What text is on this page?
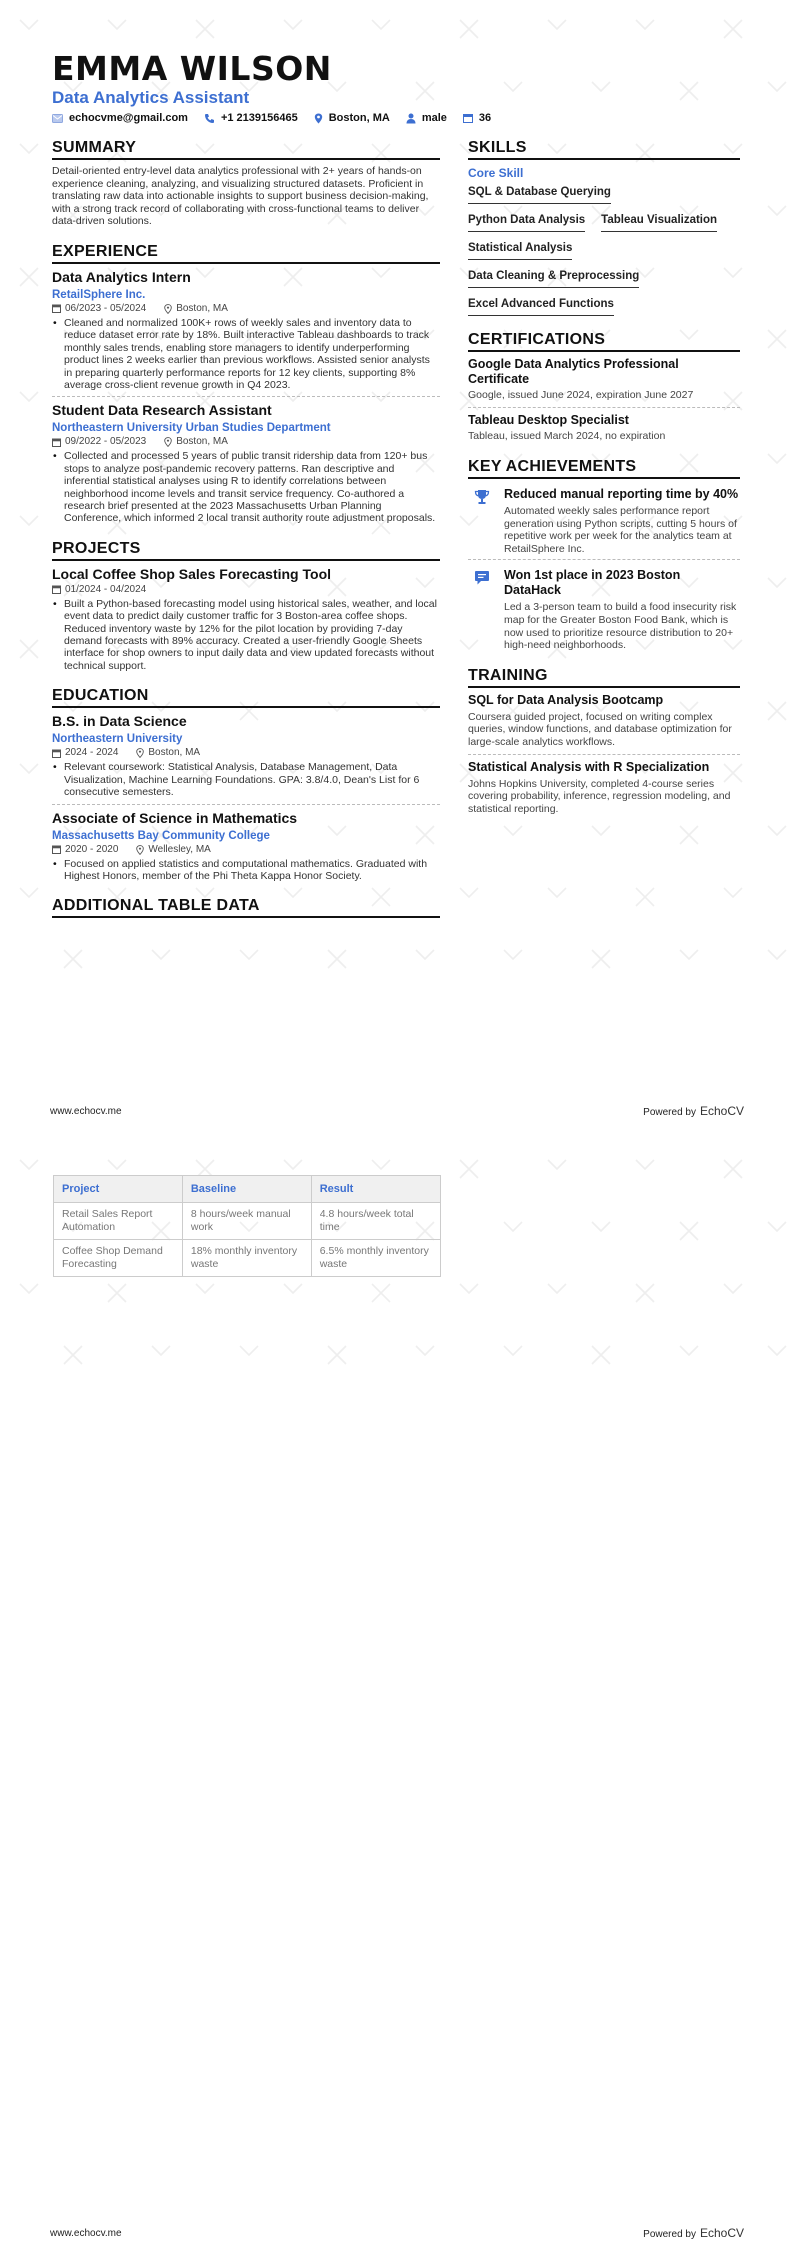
EMMA WILSON
Data Analytics Assistant
echocvme@gmail.com	+1 2139156465	Boston, MA	male	36
SUMMARY
Detail-oriented entry-level data analytics professional with 2+ years of hands-on experience cleaning, analyzing, and visualizing structured datasets. Proficient in translating raw data into actionable insights to support business decision-making, with a strong track record of collaborating with cross-functional teams to deliver data-driven solutions.
EXPERIENCE
Data Analytics Intern
RetailSphere Inc.
06/2023 - 05/2024	Boston, MA
• Cleaned and normalized 100K+ rows of weekly sales and inventory data to reduce dataset error rate by 18%. Built interactive Tableau dashboards to track monthly sales trends, enabling store managers to identify underperforming product lines 2 weeks earlier than previous workflows. Assisted senior analysts in preparing quarterly performance reports for 12 key clients, supporting 8% average cross-client revenue growth in Q4 2023.
Student Data Research Assistant
Northeastern University Urban Studies Department
09/2022 - 05/2023	Boston, MA
• Collected and processed 5 years of public transit ridership data from 120+ bus stops to analyze post-pandemic recovery patterns. Ran descriptive and inferential statistical analyses using R to identify correlations between neighborhood income levels and transit service frequency. Co-authored a research brief presented at the 2023 Massachusetts Urban Planning Conference, which informed 2 local transit authority route adjustment proposals.
PROJECTS
Local Coffee Shop Sales Forecasting Tool
01/2024 - 04/2024
• Built a Python-based forecasting model using historical sales, weather, and local event data to predict daily customer traffic for 3 Boston-area coffee shops. Reduced inventory waste by 12% for the pilot location by providing 7-day demand forecasts with 89% accuracy. Created a user-friendly Google Sheets interface for shop owners to input daily data and view updated forecasts without technical support.
EDUCATION
B.S. in Data Science
Northeastern University
2024 - 2024	Boston, MA
• Relevant coursework: Statistical Analysis, Database Management, Data Visualization, Machine Learning Foundations. GPA: 3.8/4.0, Dean's List for 6 consecutive semesters.
Associate of Science in Mathematics
Massachusetts Bay Community College
2020 - 2020	Wellesley, MA
• Focused on applied statistics and computational mathematics. Graduated with Highest Honors, member of the Phi Theta Kappa Honor Society.
ADDITIONAL TABLE DATA
SKILLS
Core Skill
SQL & Database Querying
Python Data Analysis Tableau Visualization
Statistical Analysis
Data Cleaning & Preprocessing
Excel Advanced Functions
CERTIFICATIONS
Google Data Analytics Professional Certificate
Google, issued June 2024, expiration June 2027
Tableau Desktop Specialist
Tableau, issued March 2024, no expiration
KEY ACHIEVEMENTS
Reduced manual reporting time by 40%
Automated weekly sales performance report generation using Python scripts, cutting 5 hours of repetitive work per week for the analytics team at RetailSphere Inc.
Won 1st place in 2023 Boston DataHack
Led a 3-person team to build a food insecurity risk map for the Greater Boston Food Bank, which is now used to prioritize resource distribution to 20+ high-need neighborhoods.
TRAINING
SQL for Data Analysis Bootcamp
Coursera guided project, focused on writing complex queries, window functions, and database optimization for large-scale analytics workflows.
Statistical Analysis with R Specialization
Johns Hopkins University, completed 4-course series covering probability, inference, regression modeling, and statistical reporting.
www.echocv.me	Powered by EchoCV
Project	Baseline	Result
Retail Sales Report Automation	8 hours/week manual work	4.8 hours/week total time
Coffee Shop Demand Forecasting	18% monthly inventory waste	6.5% monthly inventory waste
www.echocv.me	Powered by EchoCV
